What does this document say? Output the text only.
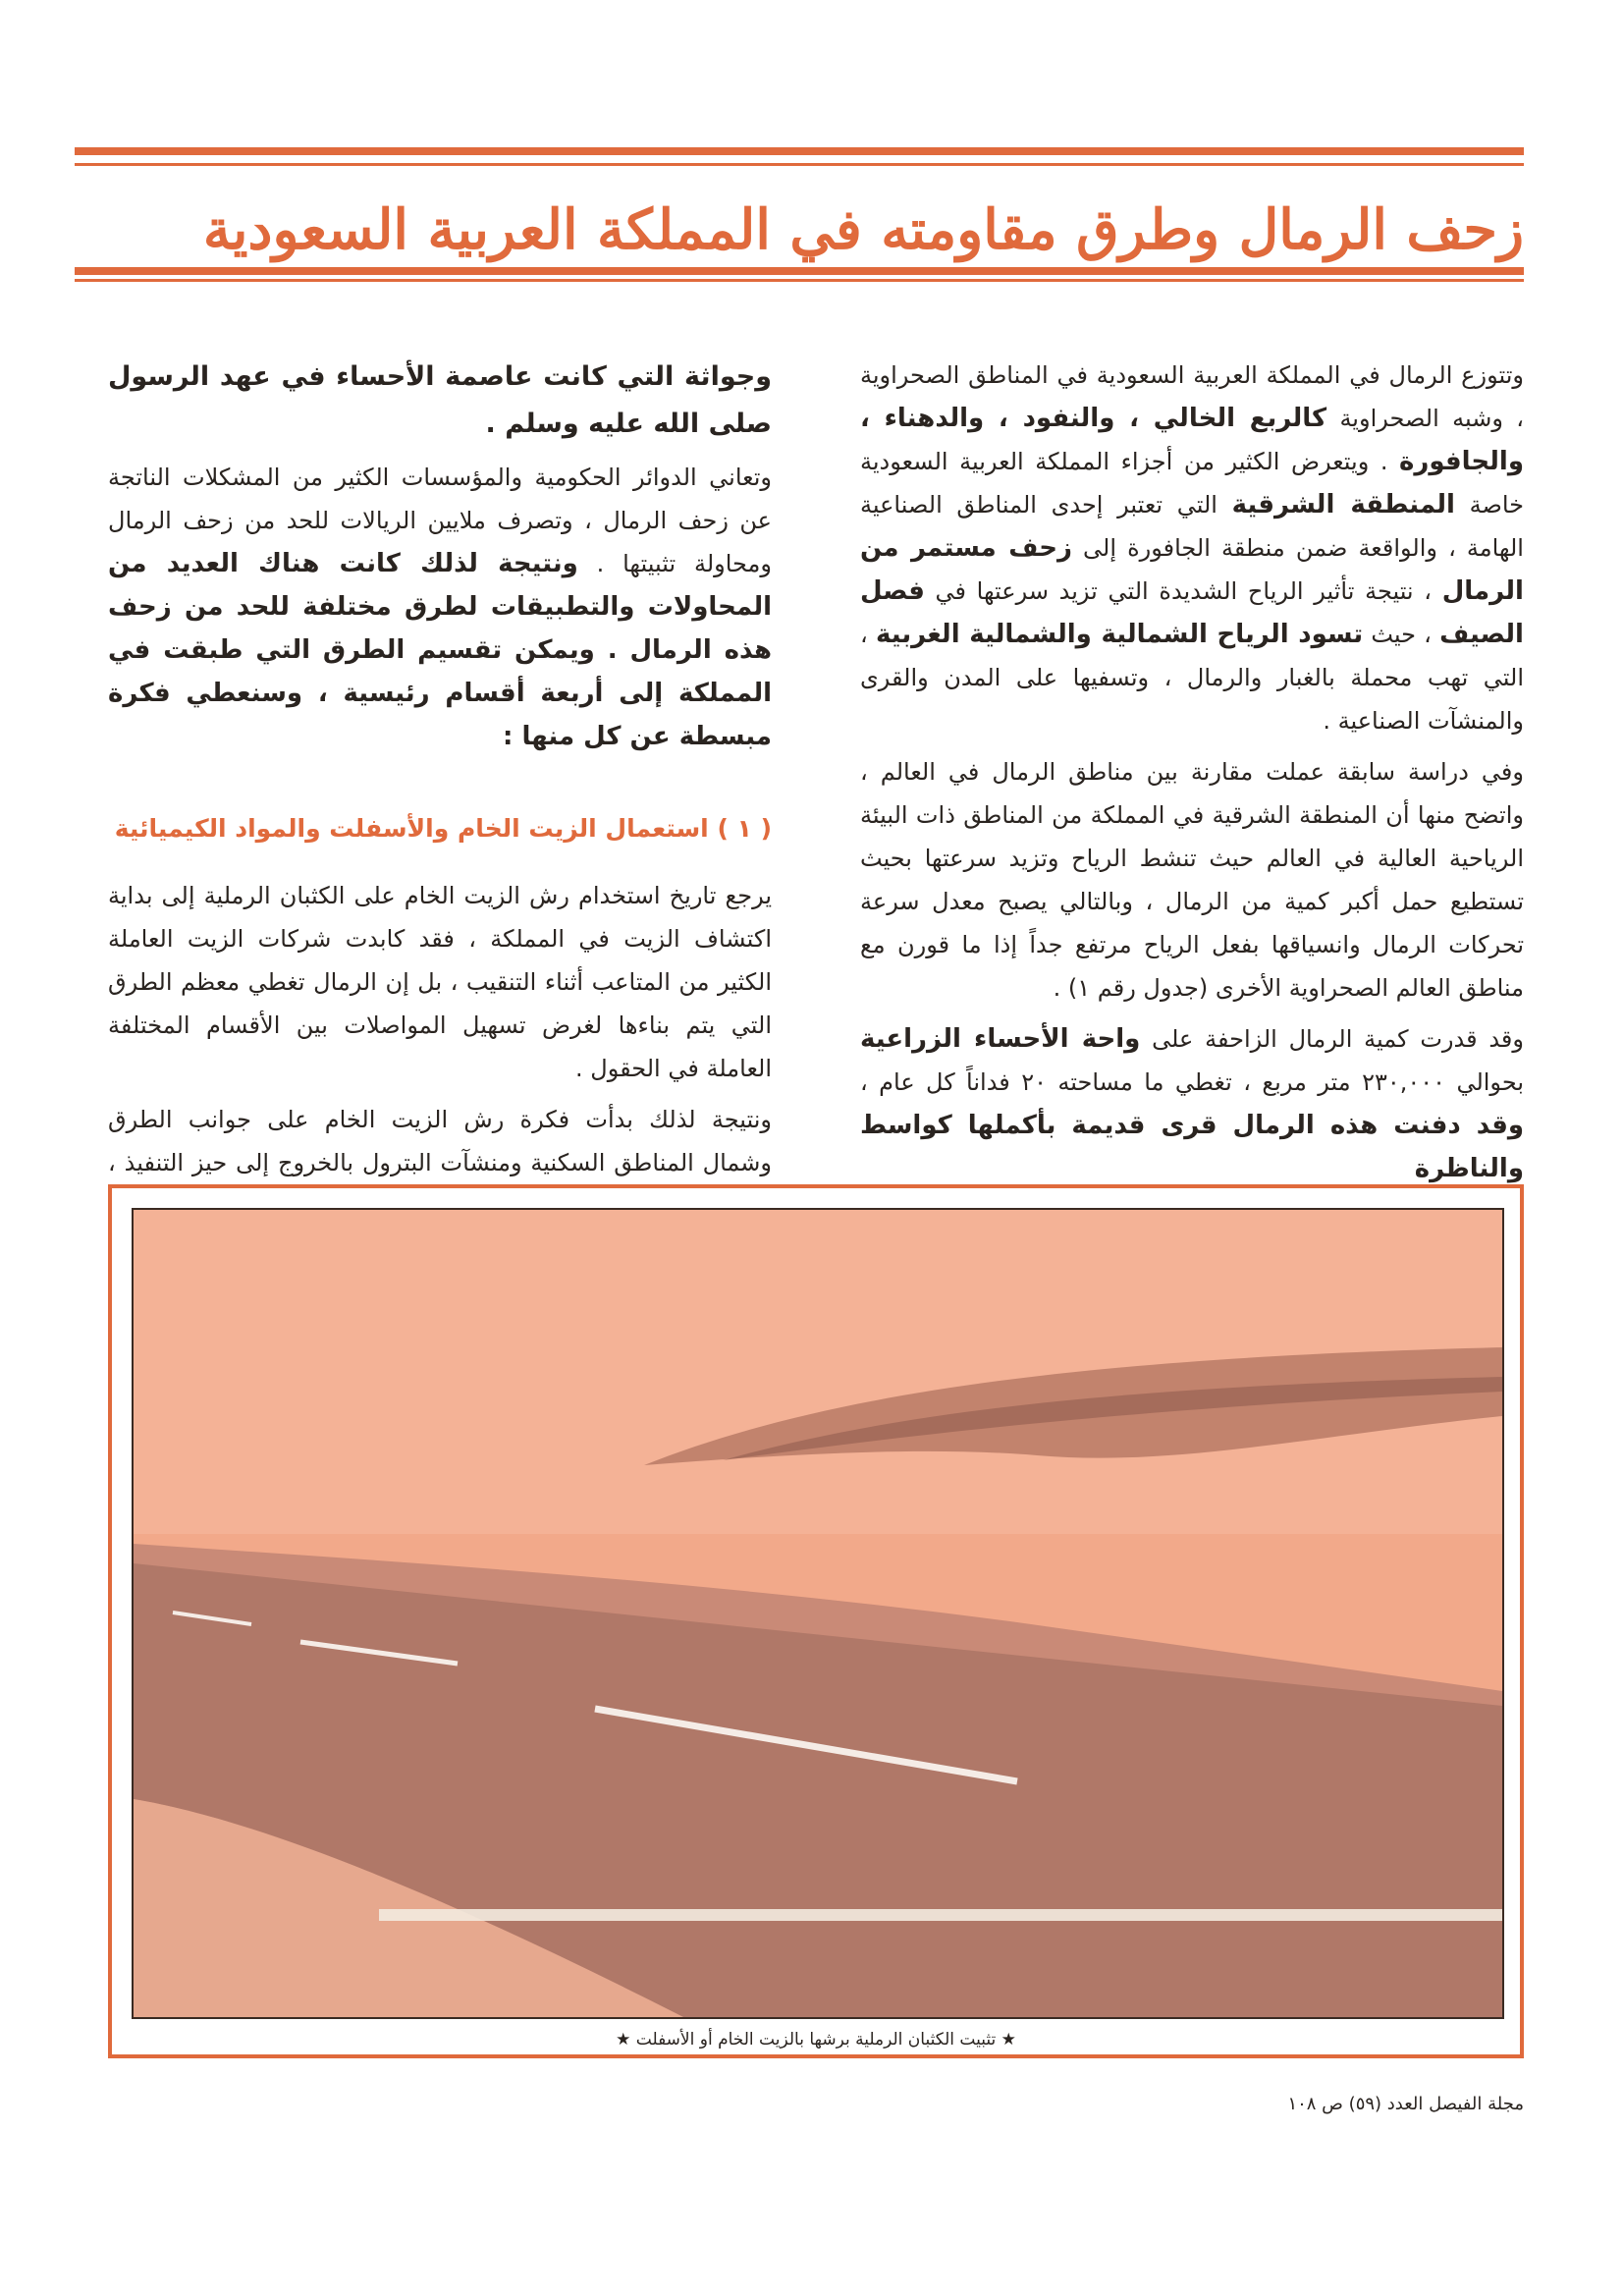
زحف الرمال وطرق مقاومته في المملكة العربية السعودية

وتتوزع الرمال في المملكة العربية السعودية في المناطق الصحراوية ، وشبه الصحراوية كالربع الخالي ، والنفود ، والدهناء ، والجافورة . ويتعرض الكثير من أجزاء المملكة العربية السعودية خاصة المنطقة الشرقية التي تعتبر إحدى المناطق الصناعية الهامة ، والواقعة ضمن منطقة الجافورة إلى زحف مستمر من الرمال ، نتيجة تأثير الرياح الشديدة التي تزيد سرعتها في فصل الصيف ، حيث تسود الرياح الشمالية والشمالية الغربية ، التي تهب محملة بالغبار والرمال ، وتسفيها على المدن والقرى والمنشآت الصناعية .

وفي دراسة سابقة عملت مقارنة بين مناطق الرمال في العالم ، واتضح منها أن المنطقة الشرقية في المملكة من المناطق ذات البيئة الرياحية العالية في العالم حيث تنشط الرياح وتزيد سرعتها بحيث تستطيع حمل أكبر كمية من الرمال ، وبالتالي يصبح معدل سرعة تحركات الرمال وانسياقها بفعل الرياح مرتفع جداً إذا ما قورن مع مناطق العالم الصحراوية الأخرى (جدول رقم ١) .

وقد قدرت كمية الرمال الزاحفة على واحة الأحساء الزراعية بحوالي ٢٣٠,٠٠٠ متر مربع ، تغطي ما مساحته ٢٠ فداناً كل عام ، وقد دفنت هذه الرمال قرى قديمة بأكملها كواسط والناظرة

وجواثة التي كانت عاصمة الأحساء في عهد الرسول صلى الله عليه وسلم .

وتعاني الدوائر الحكومية والمؤسسات الكثير من المشكلات الناتجة عن زحف الرمال ، وتصرف ملايين الريالات للحد من زحف الرمال ومحاولة تثبيتها . ونتيجة لذلك كانت هناك العديد من المحاولات والتطبيقات لطرق مختلفة للحد من زحف هذه الرمال . ويمكن تقسيم الطرق التي طبقت في المملكة إلى أربعة أقسام رئيسية ، وسنعطي فكرة مبسطة عن كل منها :

( ١ ) استعمال الزيت الخام والأسفلت والمواد الكيميائية

يرجع تاريخ استخدام رش الزيت الخام على الكثبان الرملية إلى بداية اكتشاف الزيت في المملكة ، فقد كابدت شركات الزيت العاملة الكثير من المتاعب أثناء التنقيب ، بل إن الرمال تغطي معظم الطرق التي يتم بناءها لغرض تسهيل المواصلات بين الأقسام المختلفة العاملة في الحقول .

ونتيجة لذلك بدأت فكرة رش الزيت الخام على جوانب الطرق وشمال المناطق السكنية ومنشآت البترول بالخروج إلى حيز التنفيذ ،

★ تثبيت الكثبان الرملية برشها بالزيت الخام أو الأسفلت ★
مجلة الفيصل العدد (٥٩) ص ١٠٨
